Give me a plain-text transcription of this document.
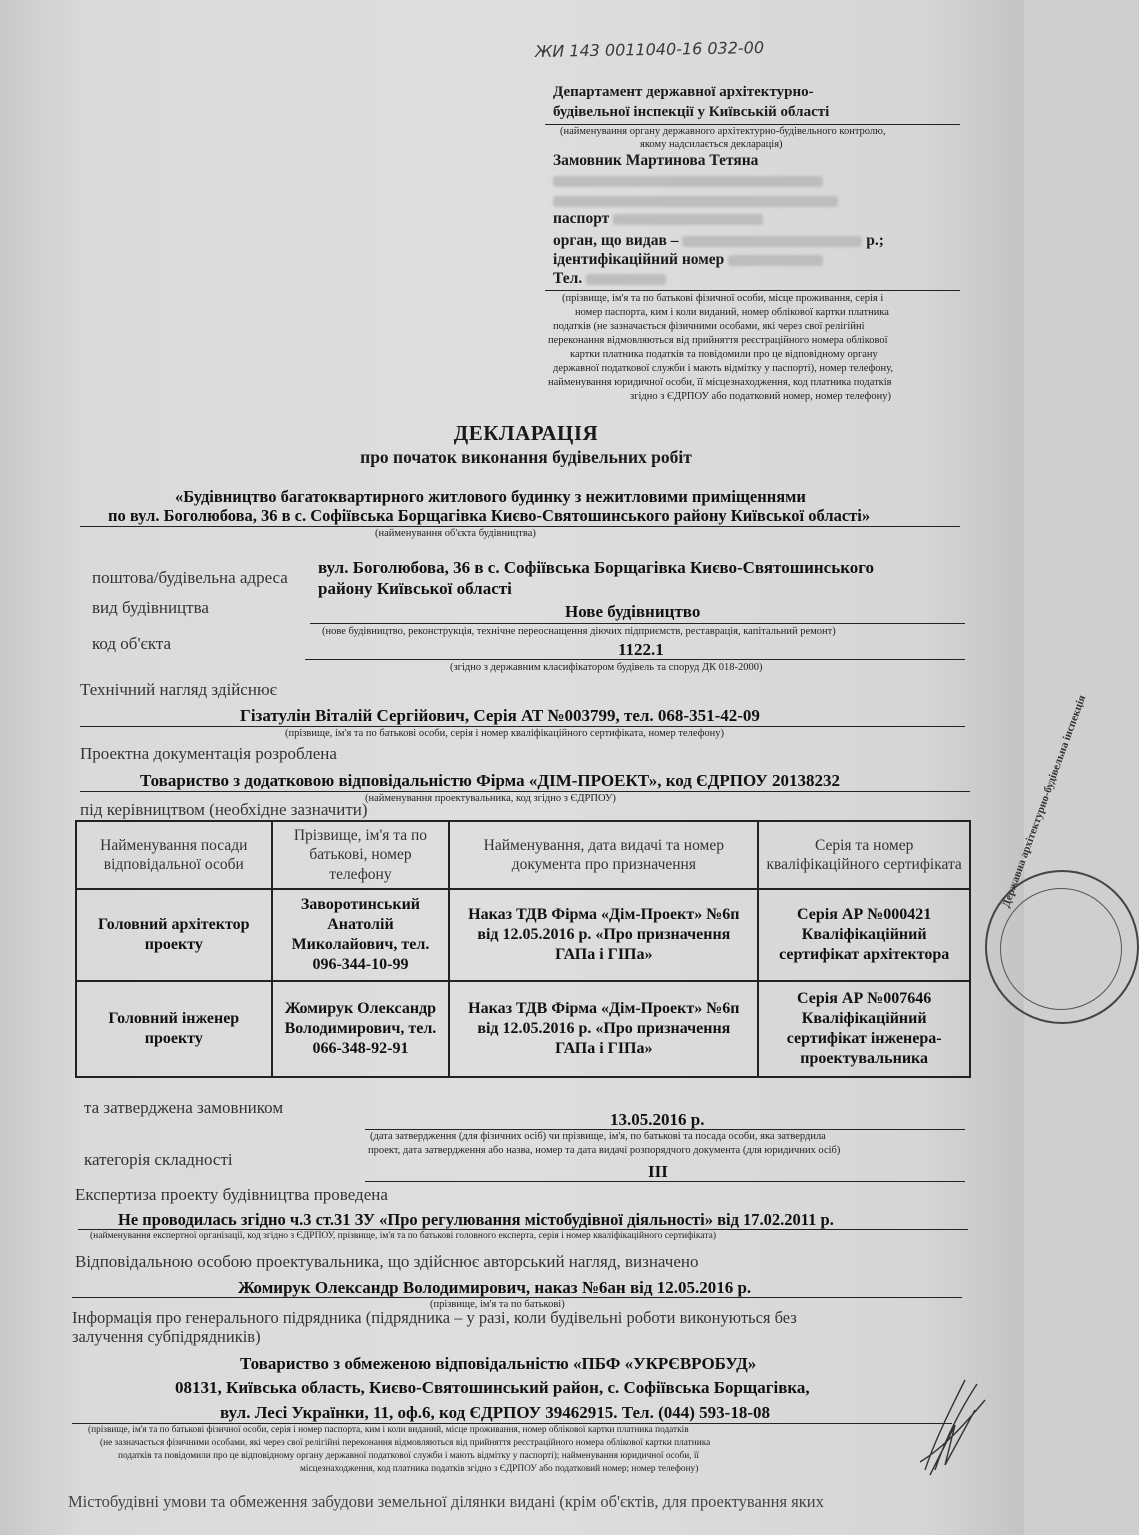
ЖИ 143 0011040-16 032-00
Департамент державної архітектурно-
будівельної інспекції у Київській області
(найменування органу державного архітектурно-будівельного контролю,
якому надсилається декларація)
Замовник Мартинова Тетяна
паспорт
орган, що видав –	р.;
ідентифікаційний номер
Тел.
(прізвище, ім'я та по батькові фізичної особи, місце проживання, серія і
номер паспорта, ким і коли виданий, номер облікової картки платника
податків (не зазначається фізичними особами, які через свої релігійні
переконання відмовляються від прийняття реєстраційного номера облікової
картки платника податків та повідомили про це відповідному органу
державної податкової служби і мають відмітку у паспорті), номер телефону,
найменування юридичної особи, її місцезнаходження, код платника податків
згідно з ЄДРПОУ або податковий номер, номер телефону)
ДЕКЛАРАЦІЯ
про початок виконання будівельних робіт
«Будівництво багатоквартирного житлового будинку з нежитловими приміщеннями
по вул. Боголюбова, 36 в с. Софіївська Борщагівка Києво-Святошинського району Київської області»
(найменування об'єкта будівництва)
поштова/будівельна адреса
вул. Боголюбова, 36 в с. Софіївська Борщагівка Києво-Святошинського
району Київської області
вид будівництва	Нове будівництво
(нове будівництво, реконструкція, технічне переоснащення діючих підприємств, реставрація, капітальний ремонт)
код об'єкта	1122.1
(згідно з державним класифікатором будівель та споруд ДК 018-2000)
Технічний нагляд здійснює
Гізатулін Віталій Сергійович, Серія АТ №003799, тел. 068-351-42-09
(прізвище, ім'я та по батькові особи, серія і номер кваліфікаційного сертифіката, номер телефону)
Проектна документація розроблена
Товариство з додатковою відповідальністю Фірма «ДІМ-ПРОЕКТ», код ЄДРПОУ 20138232
(найменування проектувальника, код згідно з ЄДРПОУ)
під керівництвом (необхідне зазначити)
Найменування посади відповідальної особи	Прізвище, ім'я та по батькові, номер телефону	Найменування, дата видачі та номер документа про призначення	Серія та номер кваліфікаційного сертифіката
Головний архітектор проекту	Заворотинський Анатолій Миколайович, тел. 096-344-10-99	Наказ ТДВ Фірма «Дім-Проект» №6п від 12.05.2016 р. «Про призначення ГАПа і ГІПа»	Серія АР №000421 Кваліфікаційний сертифікат архітектора
Головний інженер проекту	Жомирук Олександр Володимирович, тел. 066-348-92-91	Наказ ТДВ Фірма «Дім-Проект» №6п від 12.05.2016 р. «Про призначення ГАПа і ГІПа»	Серія АР №007646 Кваліфікаційний сертифікат інженера-проектувальника
та затверджена замовником
13.05.2016 р.
(дата затвердження (для фізичних осіб) чи прізвище, ім'я, по батькові та посада особи, яка затвердила
проект, дата затвердження або назва, номер та дата видачі розпорядчого документа (для юридичних осіб)
категорія складності
III
Експертиза проекту будівництва проведена
Не проводилась згідно ч.3 ст.31 ЗУ «Про регулювання містобудівної діяльності» від 17.02.2011 р.
(найменування експертної організації, код згідно з ЄДРПОУ, прізвище, ім'я та по батькові головного експерта, серія і номер кваліфікаційного сертифіката)
Відповідальною особою проектувальника, що здійснює авторський нагляд, визначено
Жомирук Олександр Володимирович, наказ №6ан від 12.05.2016 р.
(прізвище, ім'я та по батькові)
Інформація про генерального підрядника (підрядника – у разі, коли будівельні роботи виконуються без
залучення субпідрядників)
Товариство з обмеженою відповідальністю «ПБФ «УКРЄВРОБУД»
08131, Київська область, Києво-Святошинський район, с. Софіївська Борщагівка,
вул. Лесі Українки, 11, оф.6, код ЄДРПОУ 39462915. Тел. (044) 593-18-08
(прізвище, ім'я та по батькові фізичної особи, серія і номер паспорта, ким і коли виданий, місце проживання, номер облікової картки платника податків
(не зазначається фізичними особами, які через свої релігійні переконання відмовляються від прийняття реєстраційного номера облікової картки платника
податків та повідомили про це відповідному органу державної податкової служби і мають відмітку у паспорті); найменування юридичної особи, її
місцезнаходження, код платника податків згідно з ЄДРПОУ або податковий номер; номер телефону)
Містобудівні умови та обмеження забудови земельної ділянки видані (крім об'єктів, для проектування яких
Державна архітектурно-будівельна інспекція
